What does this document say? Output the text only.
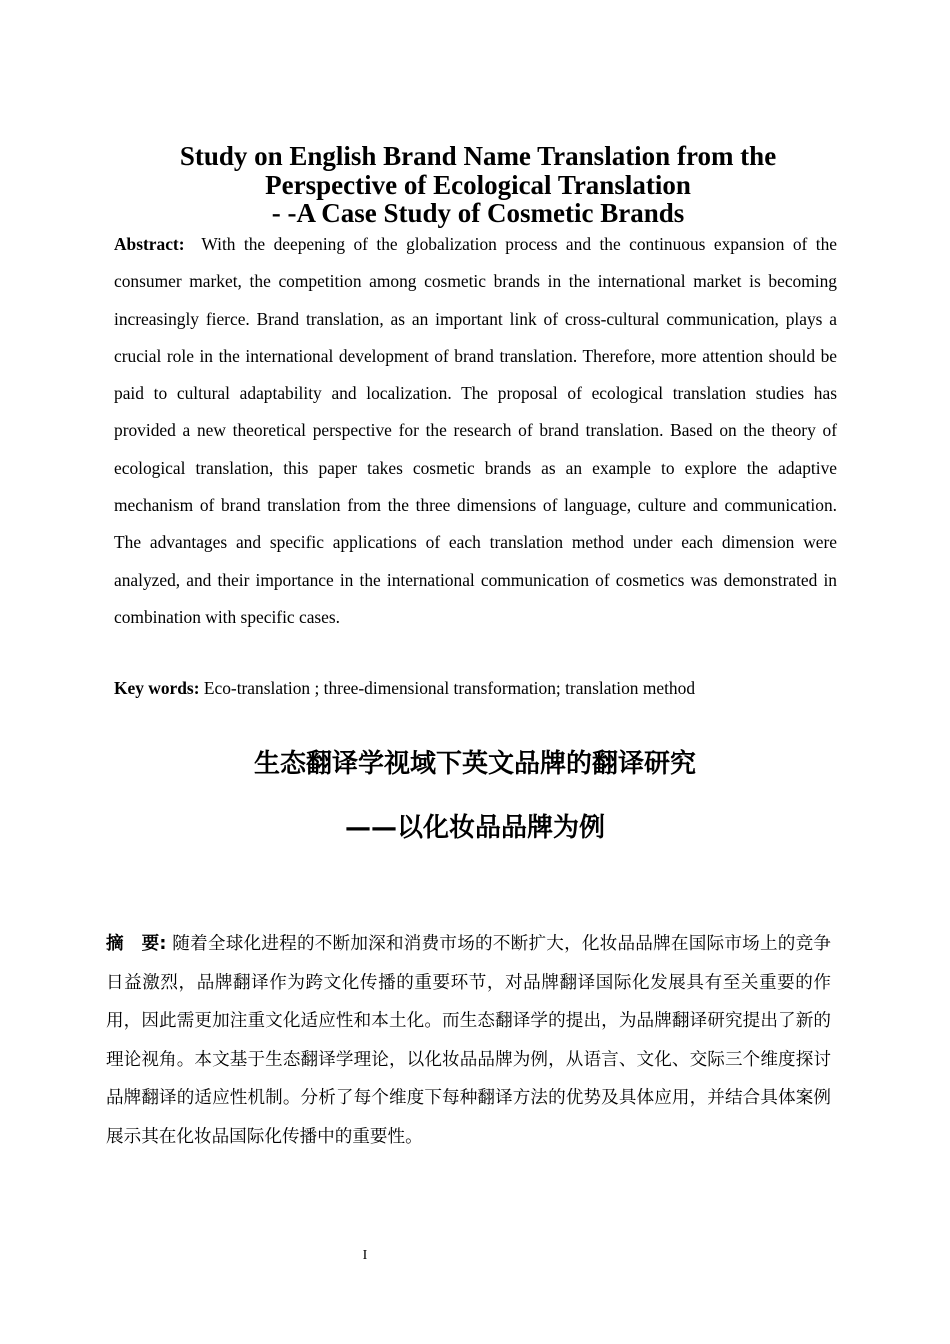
Study on English Brand Name Translation from the
Perspective of Ecological Translation
- -A Case Study of Cosmetic Brands

Abstract: With the deepening of the globalization process and the continuous expansion of the consumer market, the competition among cosmetic brands in the international market is becoming increasingly fierce. Brand translation, as an important link of cross-cultural communication, plays a crucial role in the international development of brand translation. Therefore, more attention should be paid to cultural adaptability and localization. The proposal of ecological translation studies has provided a new theoretical perspective for the research of brand translation. Based on the theory of ecological translation, this paper takes cosmetic brands as an example to explore the adaptive mechanism of brand translation from the three dimensions of language, culture and communication. The advantages and specific applications of each translation method under each dimension were analyzed, and their importance in the international communication of cosmetics was demonstrated in combination with specific cases.

Key words: Eco-translation ; three-dimensional transformation; translation method

生态翻译学视域下英文品牌的翻译研究
——以化妆品品牌为例

摘　要: 随着全球化进程的不断加深和消费市场的不断扩大，化妆品品牌在国际市场上的竞争日益激烈，品牌翻译作为跨文化传播的重要环节，对品牌翻译国际化发展具有至关重要的作用，因此需更加注重文化适应性和本土化。而生态翻译学的提出，为品牌翻译研究提出了新的理论视角。本文基于生态翻译学理论，以化妆品品牌为例，从语言、文化、交际三个维度探讨品牌翻译的适应性机制。分析了每个维度下每种翻译方法的优势及具体应用，并结合具体案例展示其在化妆品国际化传播中的重要性。

I
